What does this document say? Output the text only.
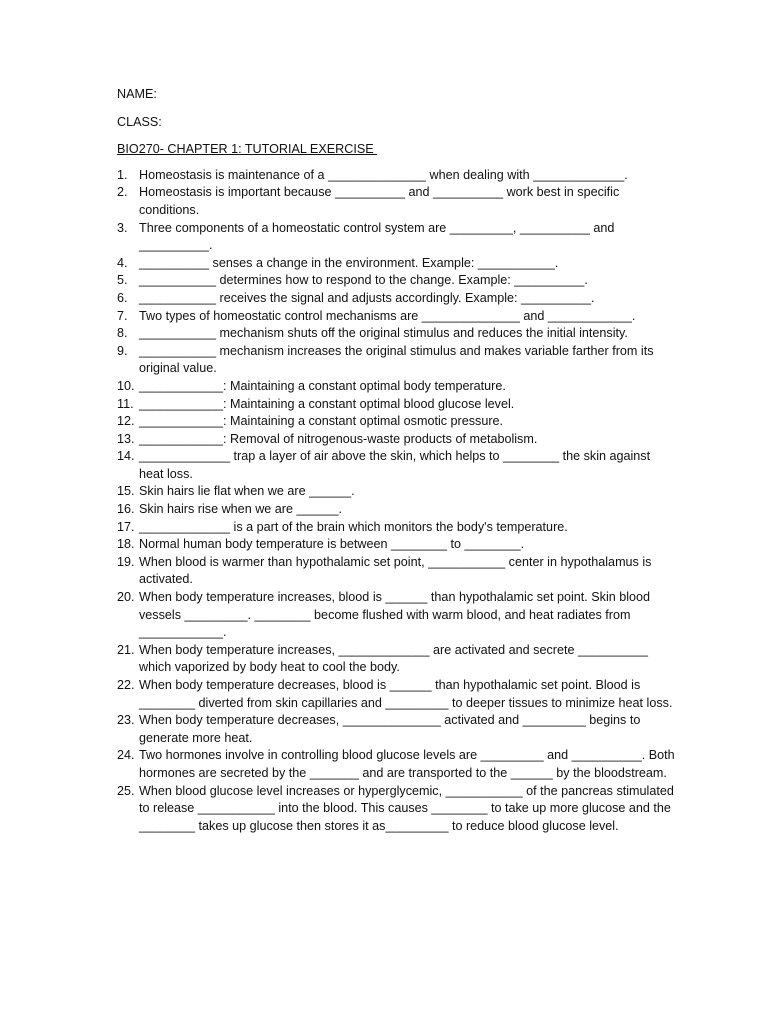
NAME:
CLASS:
BIO270- CHAPTER 1: TUTORIAL EXERCISE
1. Homeostasis is maintenance of a ______________ when dealing with _____________.
2. Homeostasis is important because __________ and __________ work best in specific conditions.
3. Three components of a homeostatic control system are _________, __________ and __________.
4. __________ senses a change in the environment. Example: ___________.
5. ___________ determines how to respond to the change. Example: __________.
6. ___________ receives the signal and adjusts accordingly. Example: __________.
7. Two types of homeostatic control mechanisms are ______________ and ____________.
8. ___________ mechanism shuts off the original stimulus and reduces the initial intensity.
9. ___________ mechanism increases the original stimulus and makes variable farther from its original value.
10. ____________: Maintaining a constant optimal body temperature.
11. ____________: Maintaining a constant optimal blood glucose level.
12. ____________: Maintaining a constant optimal osmotic pressure.
13. ____________: Removal of nitrogenous-waste products of metabolism.
14. _____________ trap a layer of air above the skin, which helps to ________ the skin against heat loss.
15. Skin hairs lie flat when we are ______.
16. Skin hairs rise when we are ______.
17. _____________ is a part of the brain which monitors the body's temperature.
18. Normal human body temperature is between ________ to ________.
19. When blood is warmer than hypothalamic set point, ___________ center in hypothalamus is activated.
20. When body temperature increases, blood is ______ than hypothalamic set point. Skin blood vessels _________. ________ become flushed with warm blood, and heat radiates from ____________.
21. When body temperature increases, _____________ are activated and secrete __________ which vaporized by body heat to cool the body.
22. When body temperature decreases, blood is ______ than hypothalamic set point. Blood is ________ diverted from skin capillaries and _________ to deeper tissues to minimize heat loss.
23. When body temperature decreases, ______________ activated and _________ begins to generate more heat.
24. Two hormones involve in controlling blood glucose levels are _________ and __________. Both hormones are secreted by the _______ and are transported to the ______ by the bloodstream.
25. When blood glucose level increases or hyperglycemic, ___________ of the pancreas stimulated to release ___________ into the blood. This causes ________ to take up more glucose and the ________ takes up glucose then stores it as_________ to reduce blood glucose level.
